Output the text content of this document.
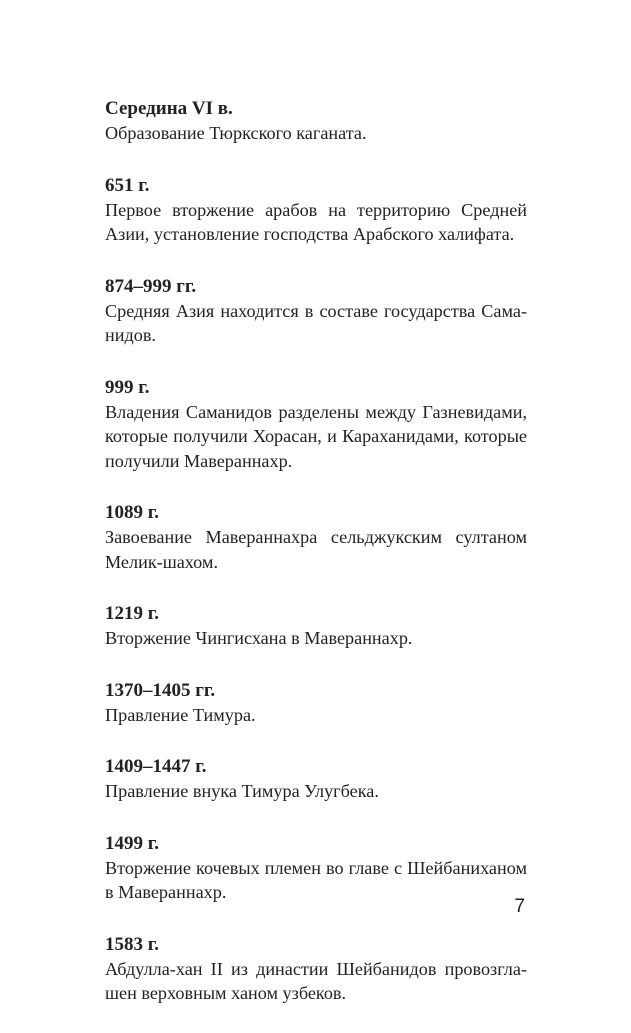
Середина VI в.

Образование Тюркского каганата.

651 г.

Первое вторжение арабов на территорию Средней Азии, установление господства Арабского халифата.

874–999 гг.

Средняя Азия находится в составе государства Саманидов.

999 г.

Владения Саманидов разделены между Газневидами, которые получили Хорасан, и Караханидами, которые получили Мавераннахр.

1089 г.

Завоевание Мавераннахра сельджукским султаном Мелик-шахом.

1219 г.

Вторжение Чингисхана в Мавераннахр.

1370–1405 гг.

Правление Тимура.

1409–1447 г.

Правление внука Тимура Улугбека.

1499 г.

Вторжение кочевых племен во главе с Шейбаниханом в Мавераннахр.

1583 г.

Абдулла-хан II из династии Шейбанидов провозглашен верховным ханом узбеков.

7
